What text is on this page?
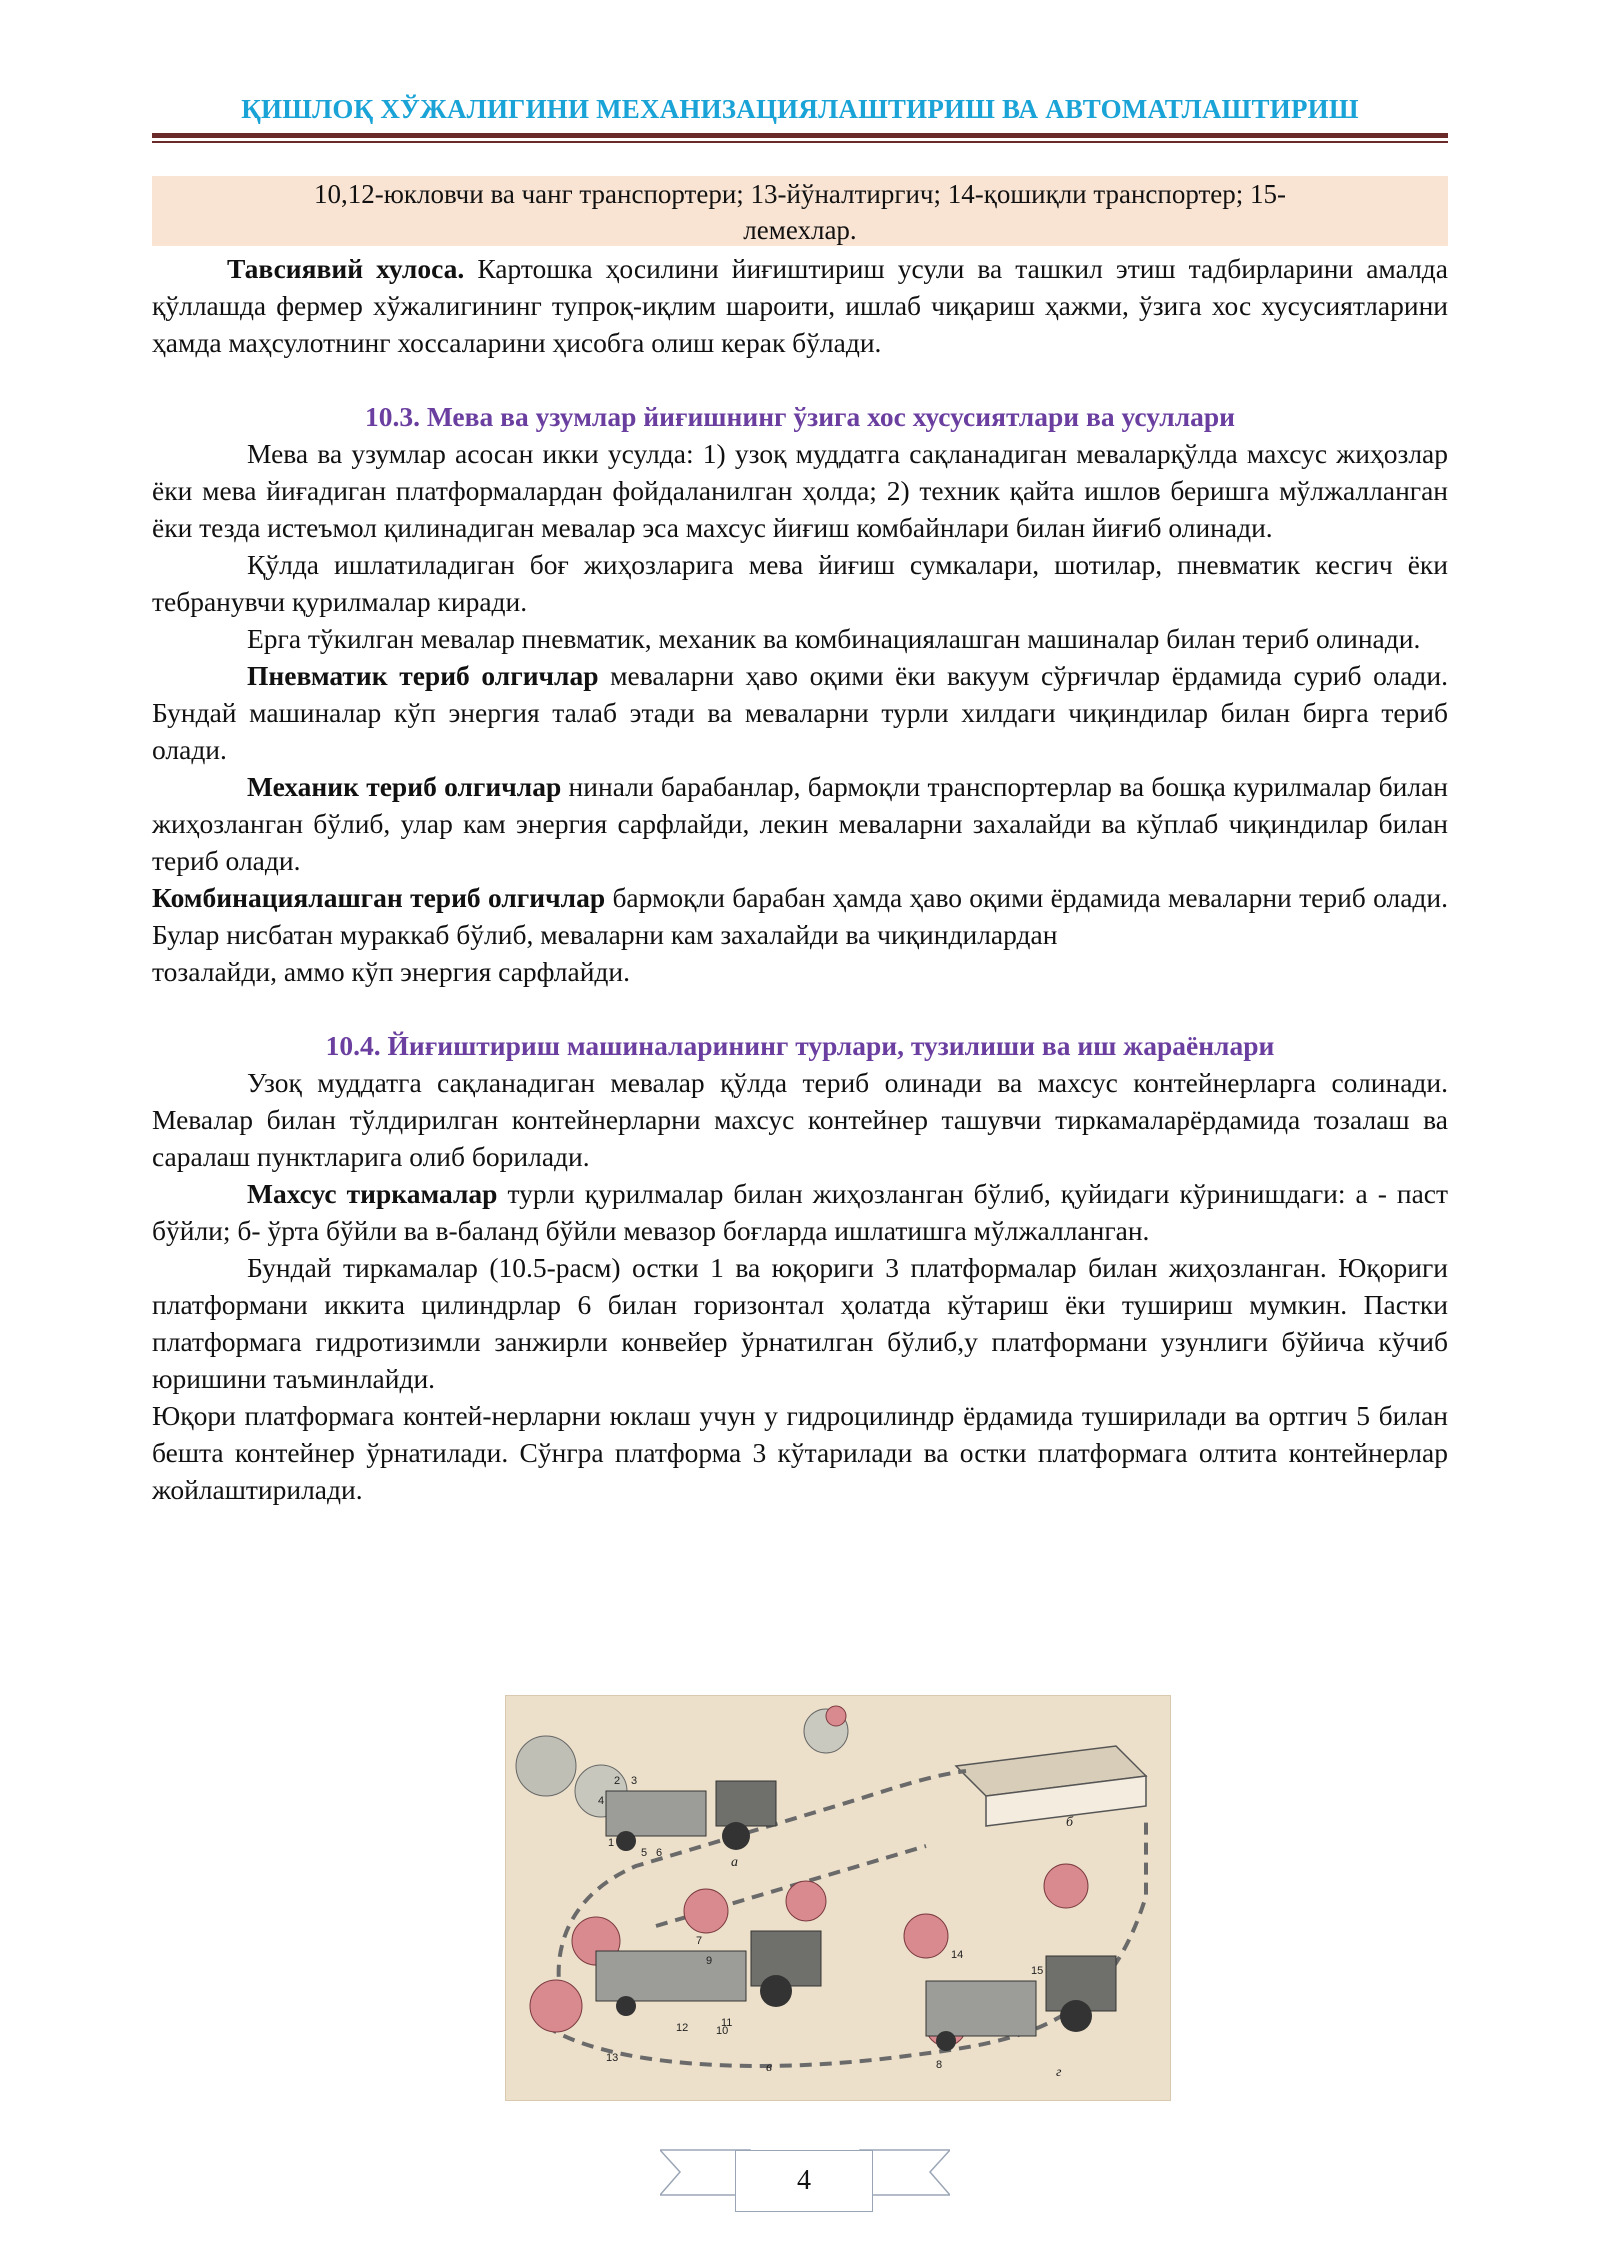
ҚИШЛОҚ ХЎЖАЛИГИНИ МЕХАНИЗАЦИЯЛАШТИРИШ ВА АВТОМАТЛАШТИРИШ
10,12-юкловчи ва чанг транспортери; 13-йўналтиргич; 14-қошиқли транспортер; 15-
лемехлар.

Тавсиявий хулоса. Картошка ҳосилини йиғиштириш усули ва ташкил этиш тадбирларини амалда қўллашда фермер хўжалигининг тупроқ-иқлим шароити, ишлаб чиқариш ҳажми, ўзига хос хусусиятларини ҳамда маҳсулотнинг хоссаларини ҳисобга олиш керак бўлади.

10.3. Мева ва узумлар йиғишнинг ўзига хос хусусиятлари ва усуллари

Мева ва узумлар асосан икки усулда: 1) узоқ муддатга сақланадиган меваларқўлда махсус жиҳозлар ёки мева йиғадиган платформалардан фойдаланилган ҳолда; 2) техник қайта ишлов беришга мўлжалланган ёки тезда истеъмол қилинадиган мевалар эса махсус йиғиш комбайнлари билан йиғиб олинади.

Қўлда ишлатиладиган боғ жиҳозларига мева йиғиш сумкалари, шотилар, пневматик кесгич ёки тебранувчи қурилмалар киради.

Ерга тўкилган мевалар пневматик, механик ва комбинациялашган машиналар билан териб олинади.

Пневматик териб олгичлар меваларни ҳаво оқими ёки вакуум сўрғичлар ёрдамида суриб олади. Бундай машиналар кўп энергия талаб этади ва меваларни турли хилдаги чиқиндилар билан бирга териб олади.

Механик териб олгичлар нинали барабанлар, бармоқли транспортерлар ва бошқа курилмалар билан жиҳозланган бўлиб, улар кам энергия сарфлайди, лекин меваларни захалайди ва кўплаб чиқиндилар билан териб олади.

Комбинациялашган териб олгичлар бармоқли барабан ҳамда ҳаво оқими ёрдамида меваларни териб олади. Булар нисбатан мураккаб бўлиб, меваларни кам захалайди ва чиқиндилардан

тозалайди, аммо кўп энергия сарфлайди.

10.4. Йиғиштириш машиналарининг турлари, тузилиши ва иш жараёнлари

Узоқ муддатга сақланадиган мевалар қўлда териб олинади ва махсус контейнерларга солинади. Мевалар билан тўлдирилган контейнерларни махсус контейнер ташувчи тиркамаларёрдамида тозалаш ва саралаш пунктларига олиб борилади.

Махсус тиркамалар турли қурилмалар билан жиҳозланган бўлиб, қуйидаги кўринишдаги: а - паст бўйли; б- ўрта бўйли ва в-баланд бўйли мевазор боғларда ишлатишга мўлжалланган.

Бундай тиркамалар (10.5-расм) остки 1 ва юқориги 3 платформалар билан жиҳозланган. Юқориги платформани иккита цилиндрлар 6 билан горизонтал ҳолатда кўтариш ёки тушириш мумкин. Пастки платформага гидротизимли занжирли конвейер ўрнатилган бўлиб,у платформани узунлиги бўйича кўчиб юришини таъминлайди.

Юқори платформага контей-нерларни юклаш учун у гидроцилиндр ёрдамида туширилади ва ортгич 5 билан бешта контейнер ўрнатилади. Сўнгра платформа 3 кўтарилади ва остки платформага олтита контейнерлар жойлаштирилади.

а
б
в	г
1
2 3
4
5 6
7
8
9
10
11
12
13
14
15
4
